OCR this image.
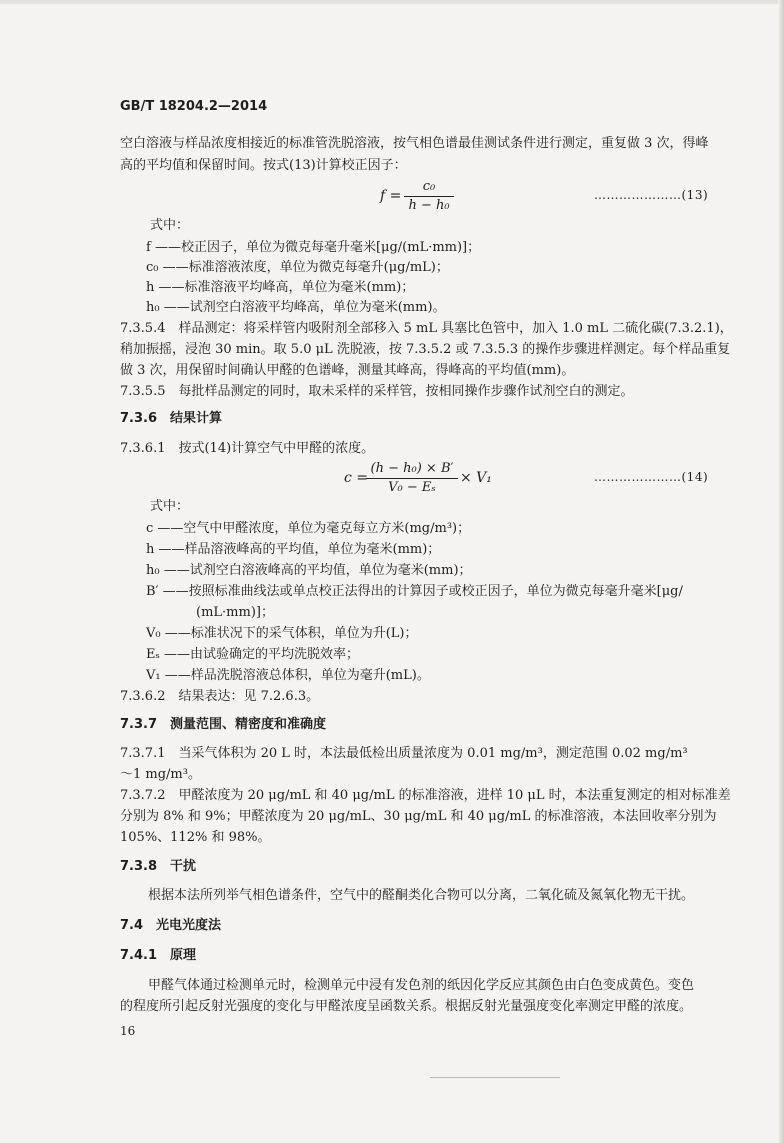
GB/T 18204.2—2014
空白溶液与样品浓度相接近的标准管洗脱溶液，按气相色谱最佳测试条件进行测定，重复做 3 次，得峰
高的平均值和保留时间。按式(13)计算校正因子：
$f = \frac{\text{c₀}}{\text{h − h₀}}$	…………………(13)
式中：
f ——校正因子，单位为微克每毫升毫米[μg/(mL·mm)]；
c₀ ——标准溶液浓度，单位为微克每毫升(μg/mL)；
h ——标准溶液平均峰高，单位为毫米(mm)；
h₀ ——试剂空白溶液平均峰高，单位为毫米(mm)。
7.3.5.4　样品测定：将采样管内吸附剂全部移入 5 mL 具塞比色管中，加入 1.0 mL 二硫化碳(7.3.2.1)，
稍加振摇，浸泡 30 min。取 5.0 μL 洗脱液，按 7.3.5.2 或 7.3.5.3 的操作步骤进样测定。每个样品重复
做 3 次，用保留时间确认甲醛的色谱峰，测量其峰高，得峰高的平均值(mm)。
7.3.5.5　每批样品测定的同时，取未采样的采样管，按相同操作步骤作试剂空白的测定。
7.3.6　结果计算
7.3.6.1　按式(14)计算空气中甲醛的浓度。
c =
$\frac{\text{(h − h₀) × B′}}{\text{V₀ − Eₛ}} \times V_1$	…………………(14)
式中：
c ——空气中甲醛浓度，单位为毫克每立方米(mg/m³)；
h ——样品溶液峰高的平均值，单位为毫米(mm)；
h₀ ——试剂空白溶液峰高的平均值，单位为毫米(mm)；
B′ ——按照标准曲线法或单点校正法得出的计算因子或校正因子，单位为微克每毫升毫米[μg/
(mL·mm)]；
V₀ ——标准状况下的采气体积，单位为升(L)；
Eₛ ——由试验确定的平均洗脱效率；
V₁ ——样品洗脱溶液总体积，单位为毫升(mL)。
7.3.6.2　结果表达：见 7.2.6.3。
7.3.7　测量范围、精密度和准确度
7.3.7.1　当采气体积为 20 L 时，本法最低检出质量浓度为 0.01 mg/m³，测定范围 0.02 mg/m³
～1 mg/m³。
7.3.7.2　甲醛浓度为 20 μg/mL 和 40 μg/mL 的标准溶液，进样 10 μL 时，本法重复测定的相对标准差
分别为 8% 和 9%；甲醛浓度为 20 μg/mL、30 μg/mL 和 40 μg/mL 的标准溶液，本法回收率分别为
105%、112% 和 98%。
7.3.8　干扰
根据本法所列举气相色谱条件，空气中的醛酮类化合物可以分离，二氧化硫及氮氧化物无干扰。
7.4　光电光度法
7.4.1　原理
甲醛气体通过检测单元时，检测单元中浸有发色剂的纸因化学反应其颜色由白色变成黄色。变色
的程度所引起反射光强度的变化与甲醛浓度呈函数关系。根据反射光量强度变化率测定甲醛的浓度。
16
